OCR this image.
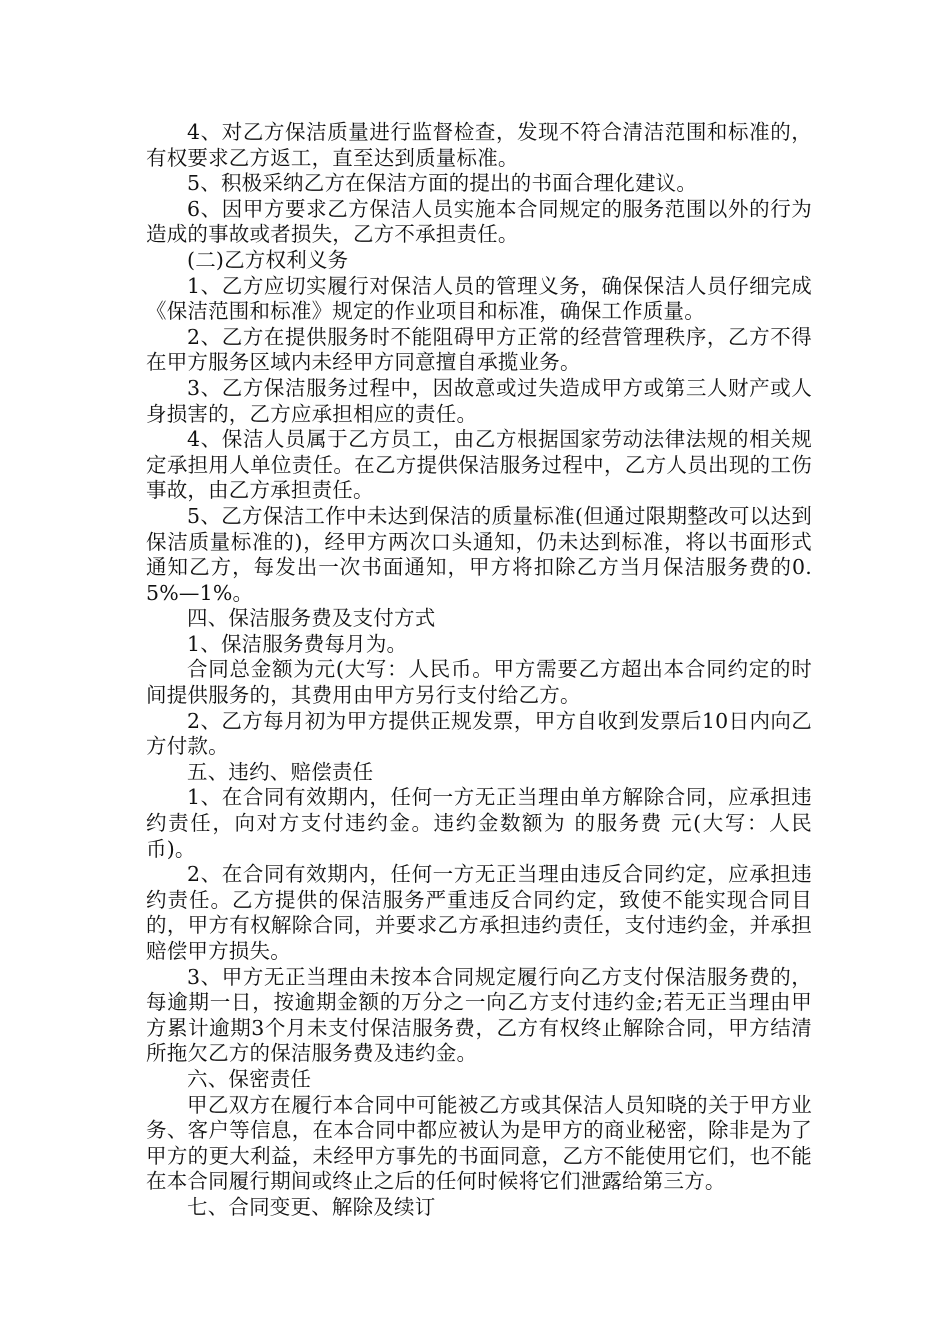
4、对乙方保洁质量进行监督检查，发现不符合清洁范围和标准的，有权要求乙方返工，直至达到质量标准。

5、积极采纳乙方在保洁方面的提出的书面合理化建议。

6、因甲方要求乙方保洁人员实施本合同规定的服务范围以外的行为造成的事故或者损失，乙方不承担责任。

(二)乙方权利义务

1、乙方应切实履行对保洁人员的管理义务，确保保洁人员仔细完成《保洁范围和标准》规定的作业项目和标准，确保工作质量。

2、乙方在提供服务时不能阻碍甲方正常的经营管理秩序，乙方不得在甲方服务区域内未经甲方同意擅自承揽业务。

3、乙方保洁服务过程中，因故意或过失造成甲方或第三人财产或人身损害的，乙方应承担相应的责任。

4、保洁人员属于乙方员工，由乙方根据国家劳动法律法规的相关规定承担用人单位责任。在乙方提供保洁服务过程中，乙方人员出现的工伤事故，由乙方承担责任。

5、乙方保洁工作中未达到保洁的质量标准(但通过限期整改可以达到保洁质量标准的)，经甲方两次口头通知，仍未达到标准，将以书面形式通知乙方，每发出一次书面通知，甲方将扣除乙方当月保洁服务费的0.5%—1%。

四、保洁服务费及支付方式

1、保洁服务费每月为。

合同总金额为元(大写：人民币。甲方需要乙方超出本合同约定的时间提供服务的，其费用由甲方另行支付给乙方。

2、乙方每月初为甲方提供正规发票，甲方自收到发票后10日内向乙方付款。

五、违约、赔偿责任

1、在合同有效期内，任何一方无正当理由单方解除合同，应承担违约责任，向对方支付违约金。违约金数额为 的服务费 元(大写：人民币)。

2、在合同有效期内，任何一方无正当理由违反合同约定，应承担违约责任。乙方提供的保洁服务严重违反合同约定，致使不能实现合同目的，甲方有权解除合同，并要求乙方承担违约责任，支付违约金，并承担赔偿甲方损失。

3、甲方无正当理由未按本合同规定履行向乙方支付保洁服务费的，每逾期一日，按逾期金额的万分之一向乙方支付违约金;若无正当理由甲方累计逾期3个月未支付保洁服务费，乙方有权终止解除合同，甲方结清所拖欠乙方的保洁服务费及违约金。

六、保密责任

甲乙双方在履行本合同中可能被乙方或其保洁人员知晓的关于甲方业务、客户等信息，在本合同中都应被认为是甲方的商业秘密，除非是为了甲方的更大利益，未经甲方事先的书面同意，乙方不能使用它们，也不能在本合同履行期间或终止之后的任何时候将它们泄露给第三方。

七、合同变更、解除及续订
